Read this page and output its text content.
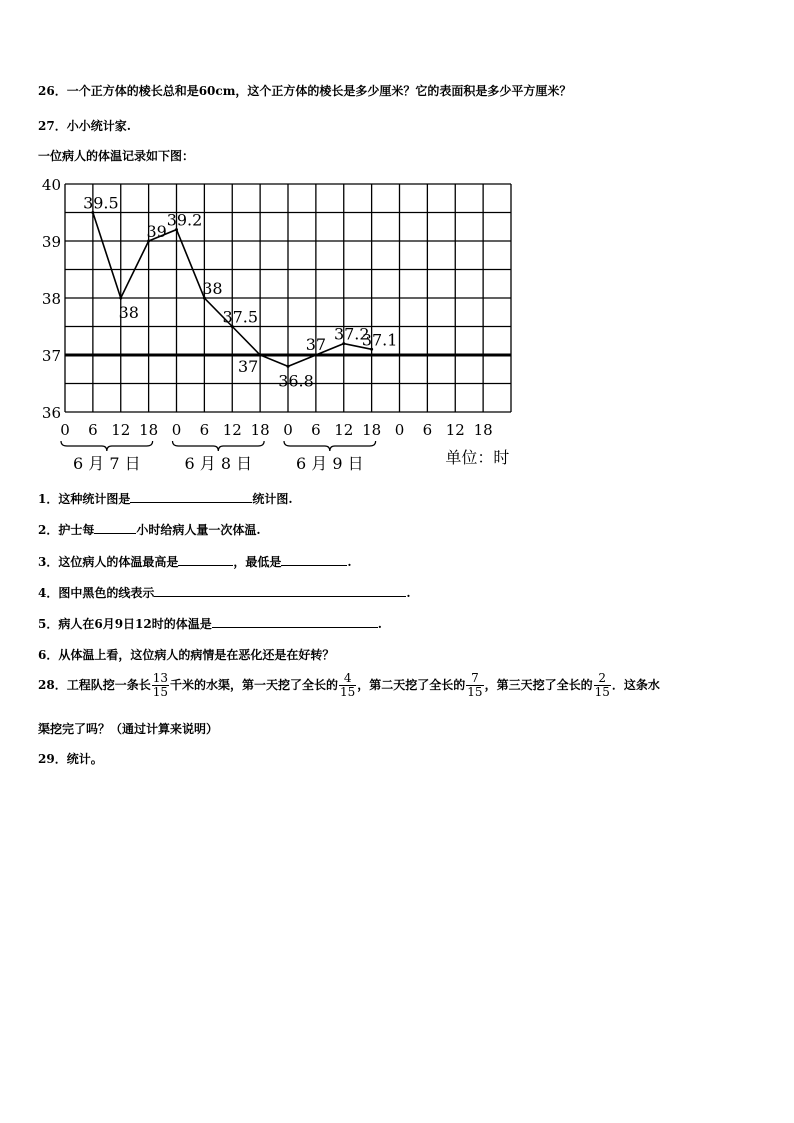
26．一个正方体的棱长总和是60cm，这个正方体的棱长是多少厘米？它的表面积是多少平方厘米？
27．小小统计家.
一位病人的体温记录如下图：
36
37
38
39
40
0 6 12 18 0 6 12 18 0 6 12 18 0 6 12 18
6 月 7 日	6 月 8 日	6 月 9 日	单位：时
39.5
38
39
39.2
38
37.5
37
36.8
37
37.2
37.1
1．这种统计图是	统计图.
2．护士每	小时给病人量一次体温.
3．这位病人的体温最高是	，最低是	.
4．图中黑色的线表示	.
5．病人在6月9日12时的体温是	.
6．从体温上看，这位病人的病情是在恶化还是在好转？
28．工程队挖一条长 $\frac{13}{15}$ 千米的水渠，第一天挖了全长的 $\frac{4}{15}$ ，第二天挖了全长的 $\frac{7}{15}$ ，第三天挖了全长的 $\frac{2}{15}$ ．这条水
渠挖完了吗？（通过计算来说明）
29．统计。
